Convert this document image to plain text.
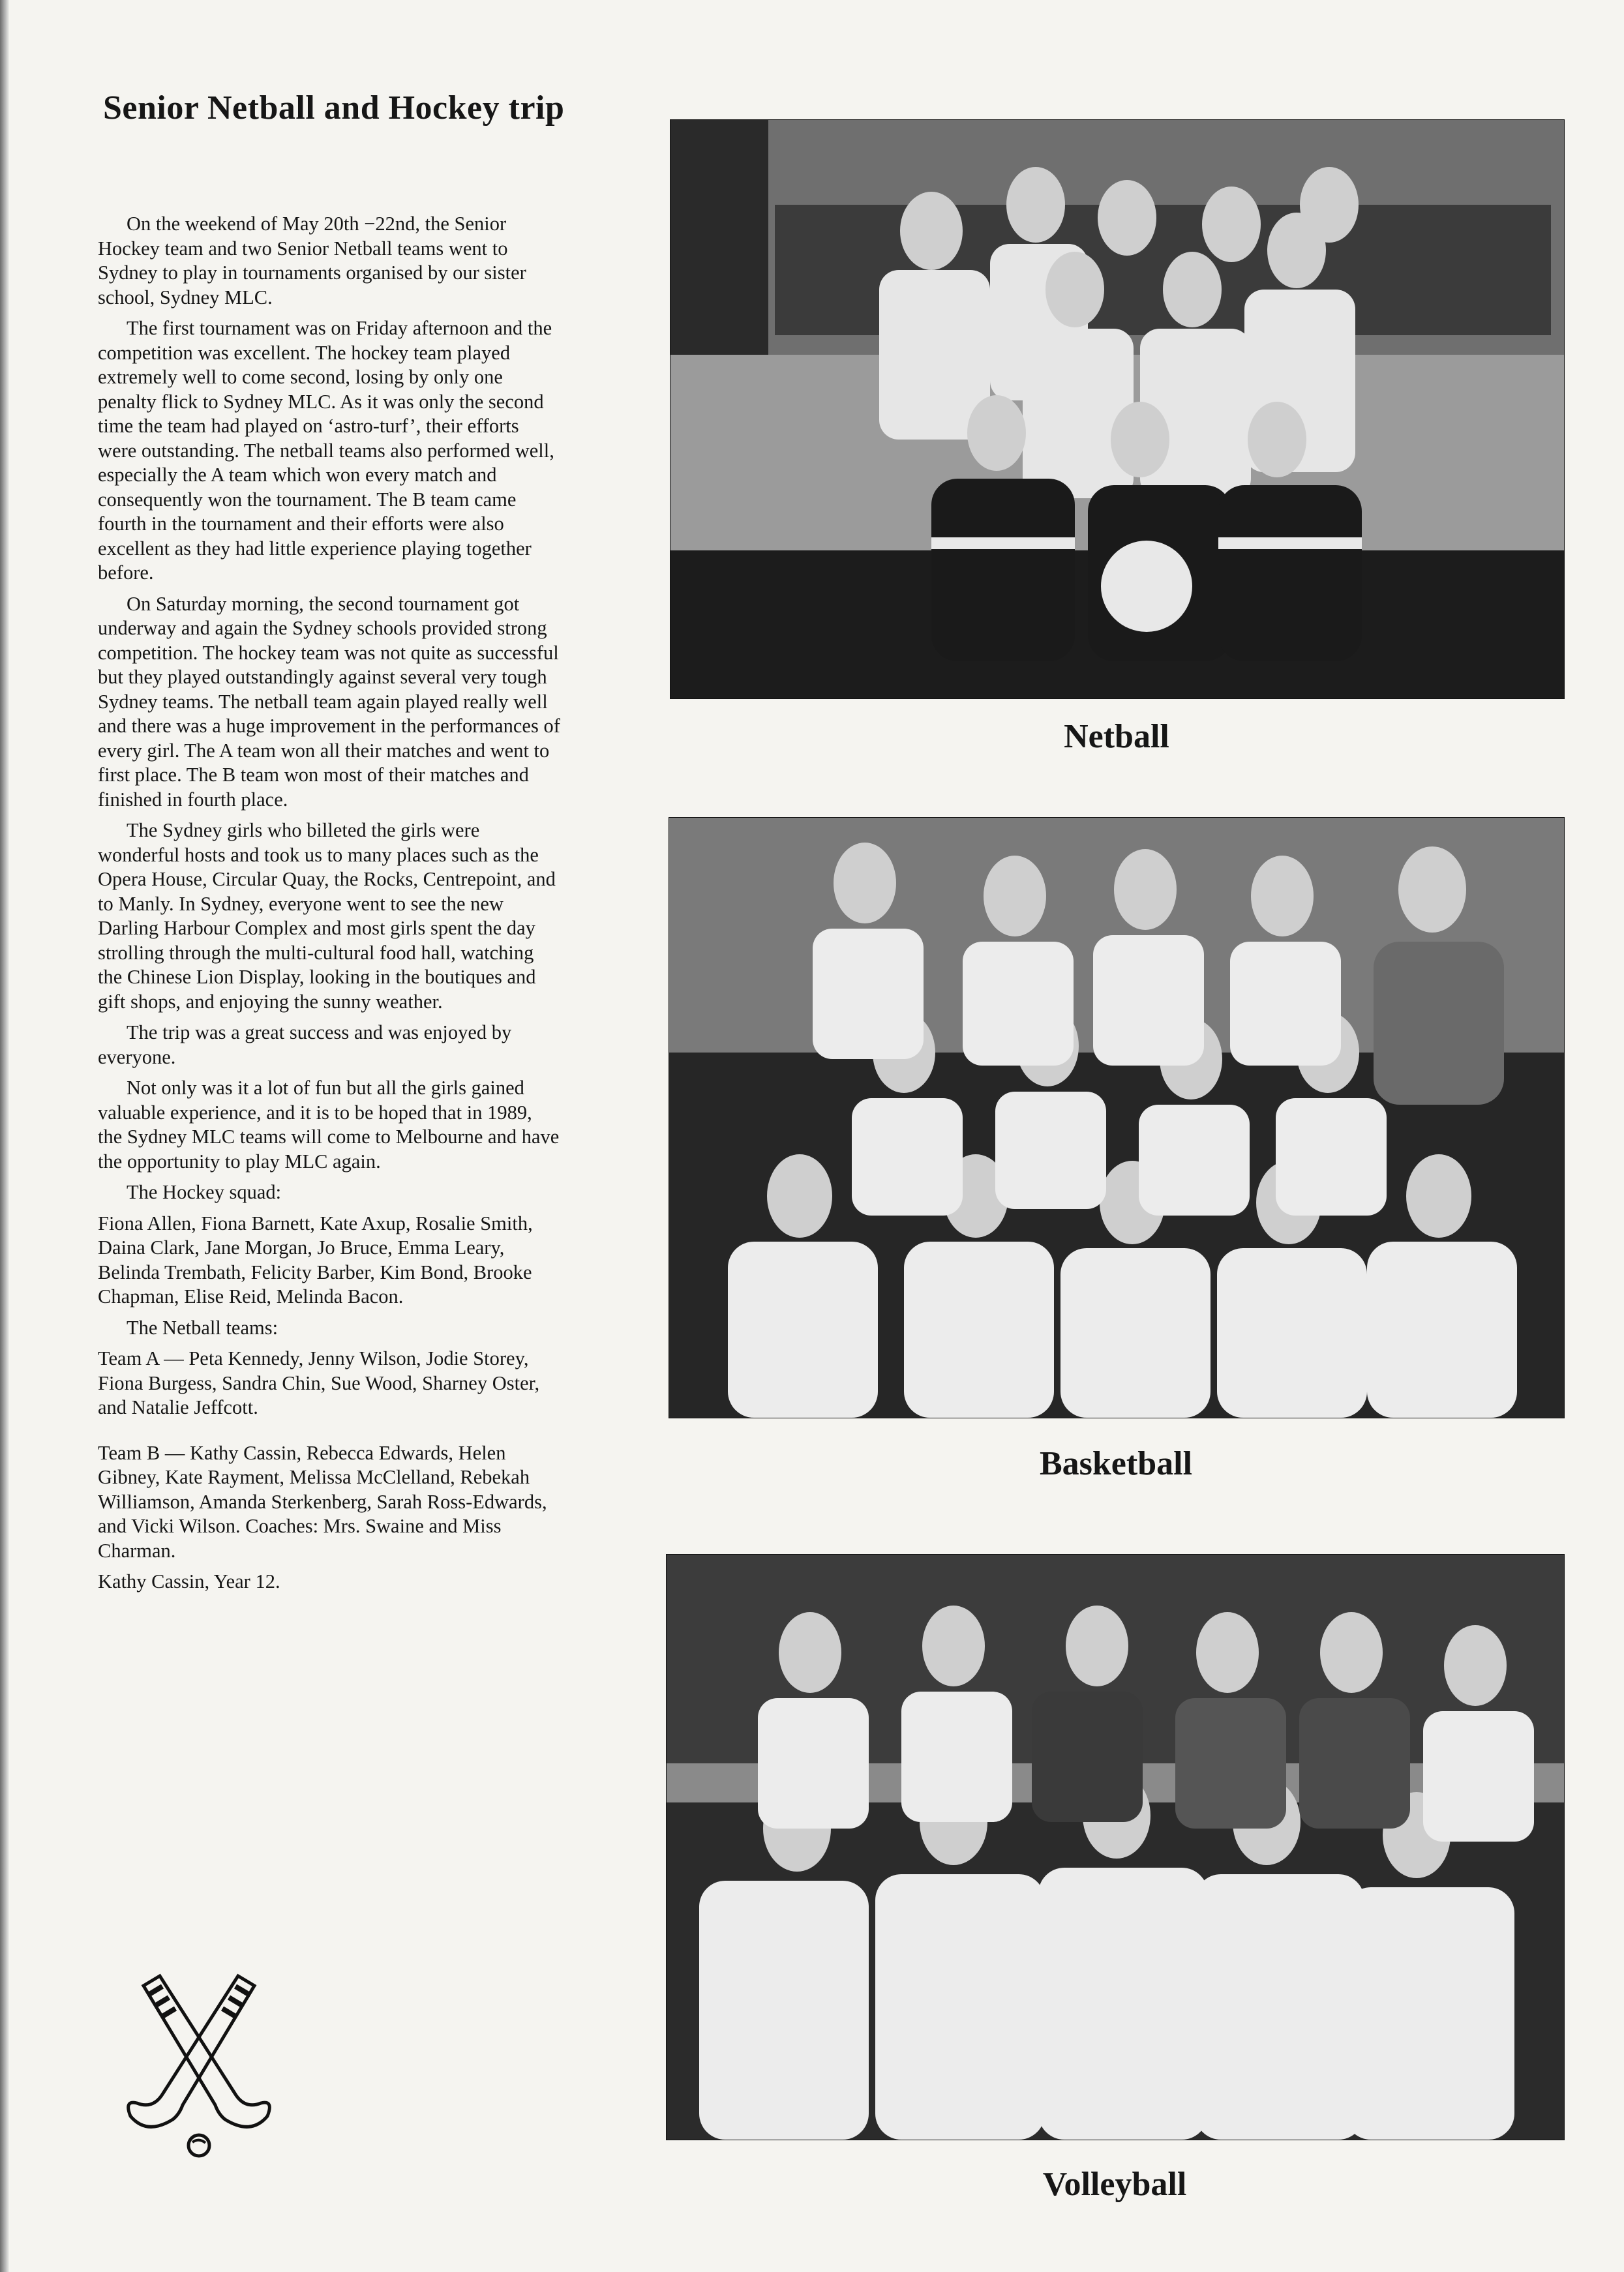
Senior Netball and Hockey trip

On the weekend of May 20th −22nd, the Senior Hockey team and two Senior Netball teams went to Sydney to play in tournaments organised by our sister school, Sydney MLC.

The first tournament was on Friday afternoon and the competition was excellent. The hockey team played extremely well to come second, losing by only one penalty flick to Sydney MLC. As it was only the second time the team had played on ‘astro-turf’, their efforts were outstanding. The netball teams also performed well, especially the A team which won every match and consequently won the tournament. The B team came fourth in the tournament and their efforts were also excellent as they had little experience playing together before.

On Saturday morning, the second tournament got underway and again the Sydney schools provided strong competition. The hockey team was not quite as successful but they played outstandingly against several very tough Sydney teams. The netball team again played really well and there was a huge improvement in the performances of every girl. The A team won all their matches and went to first place. The B team won most of their matches and finished in fourth place.

The Sydney girls who billeted the girls were wonderful hosts and took us to many places such as the Opera House, Circular Quay, the Rocks, Centrepoint, and to Manly. In Sydney, everyone went to see the new Darling Harbour Complex and most girls spent the day strolling through the multi-cultural food hall, watching the Chinese Lion Display, looking in the boutiques and gift shops, and enjoying the sunny weather.

The trip was a great success and was enjoyed by everyone.

Not only was it a lot of fun but all the girls gained valuable experience, and it is to be hoped that in 1989, the Sydney MLC teams will come to Melbourne and have the opportunity to play MLC again.

The Hockey squad:

Fiona Allen, Fiona Barnett, Kate Axup, Rosalie Smith, Daina Clark, Jane Morgan, Jo Bruce, Emma Leary, Belinda Trembath, Felicity Barber, Kim Bond, Brooke Chapman, Elise Reid, Melinda Bacon.

The Netball teams:

Team A — Peta Kennedy, Jenny Wilson, Jodie Storey, Fiona Burgess, Sandra Chin, Sue Wood, Sharney Oster, and Natalie Jeffcott.

Team B — Kathy Cassin, Rebecca Edwards, Helen Gibney, Kate Rayment, Melissa McClelland, Rebekah Williamson, Amanda Sterkenberg, Sarah Ross-Edwards, and Vicki Wilson. Coaches: Mrs. Swaine and Miss Charman.

Kathy Cassin, Year 12.

Netball
Basketball
Volleyball
